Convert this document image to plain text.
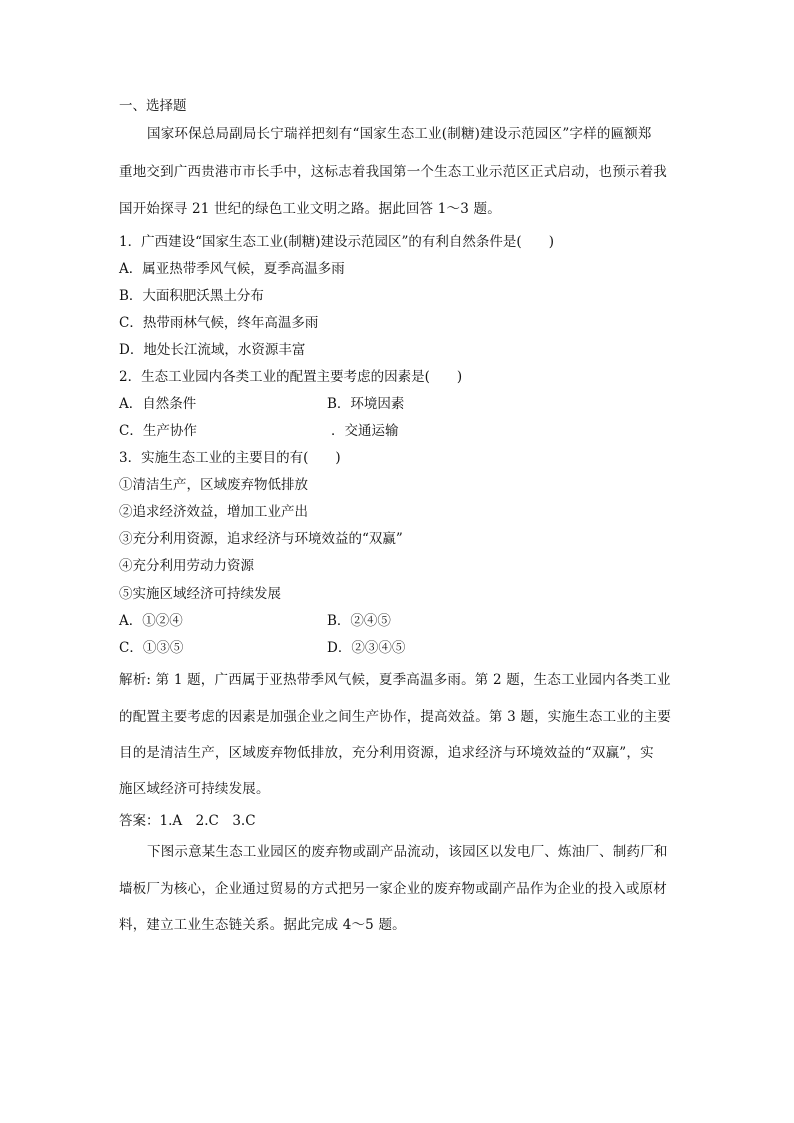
一、选择题
国家环保总局副局长宁瑞祥把刻有“国家生态工业(制糖)建设示范园区”字样的匾额郑
重地交到广西贵港市市长手中，这标志着我国第一个生态工业示范区正式启动，也预示着我
国开始探寻 21 世纪的绿色工业文明之路。据此回答 1～3 题。
1．广西建设“国家生态工业(制糖)建设示范园区”的有利自然条件是(　　)
A．属亚热带季风气候，夏季高温多雨
B．大面积肥沃黑土分布
C．热带雨林气候，终年高温多雨
D．地处长江流域，水资源丰富
2．生态工业园内各类工业的配置主要考虑的因素是(　　)
A．自然条件	B．环境因素
C．生产协作	．交通运输
3．实施生态工业的主要目的有(　　)
①清洁生产，区域废弃物低排放
②追求经济效益，增加工业产出
③充分利用资源，追求经济与环境效益的“双赢”
④充分利用劳动力资源
⑤实施区域经济可持续发展
A．①②④	B．②④⑤
C．①③⑤	D．②③④⑤
解析: 第 1 题，广西属于亚热带季风气候，夏季高温多雨。第 2 题，生态工业园内各类工业
的配置主要考虑的因素是加强企业之间生产协作，提高效益。第 3 题，实施生态工业的主要
目的是清洁生产，区域废弃物低排放，充分利用资源，追求经济与环境效益的“双赢”，实
施区域经济可持续发展。
答案：1.A　2.C　3.C
下图示意某生态工业园区的废弃物或副产品流动，该园区以发电厂、炼油厂、制药厂和
墙板厂为核心，企业通过贸易的方式把另一家企业的废弃物或副产品作为企业的投入或原材
料，建立工业生态链关系。据此完成 4～5 题。
